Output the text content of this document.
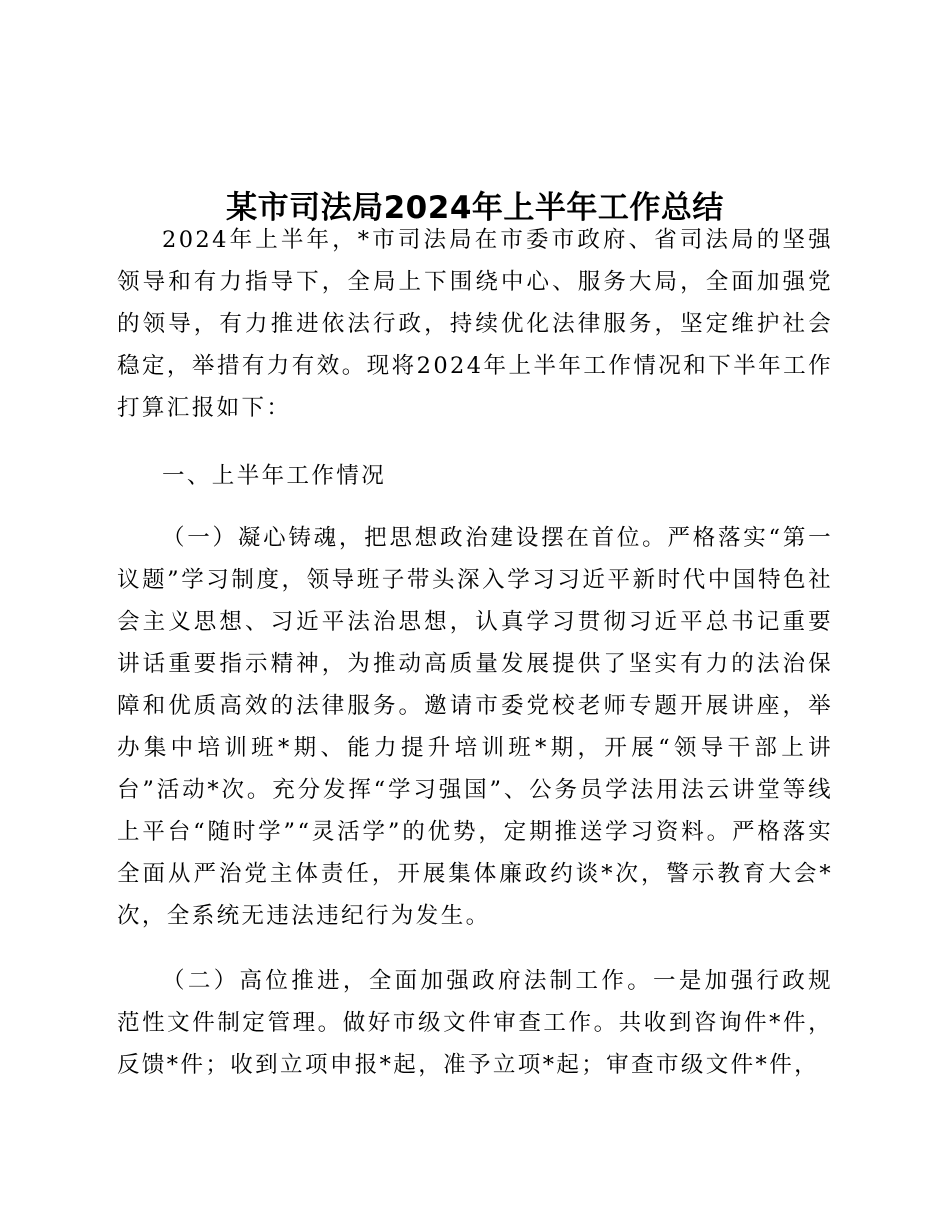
某市司法局2024年上半年工作总结

2024年上半年，*市司法局在市委市政府、省司法局的坚强领导和有力指导下，全局上下围绕中心、服务大局，全面加强党的领导，有力推进依法行政，持续优化法律服务，坚定维护社会稳定，举措有力有效。现将2024年上半年工作情况和下半年工作打算汇报如下：

一、上半年工作情况

（一）凝心铸魂，把思想政治建设摆在首位。严格落实“第一议题”学习制度，领导班子带头深入学习习近平新时代中国特色社会主义思想、习近平法治思想，认真学习贯彻习近平总书记重要讲话重要指示精神，为推动高质量发展提供了坚实有力的法治保障和优质高效的法律服务。邀请市委党校老师专题开展讲座，举办集中培训班*期、能力提升培训班*期，开展“领导干部上讲台”活动*次。充分发挥“学习强国”、公务员学法用法云讲堂等线上平台“随时学”“灵活学”的优势，定期推送学习资料。严格落实全面从严治党主体责任，开展集体廉政约谈*次，警示教育大会*次，全系统无违法违纪行为发生。

（二）高位推进，全面加强政府法制工作。一是加强行政规范性文件制定管理。做好市级文件审查工作。共收到咨询件*件，反馈*件；收到立项申报*起，准予立项*起；审查市级文件*件，
